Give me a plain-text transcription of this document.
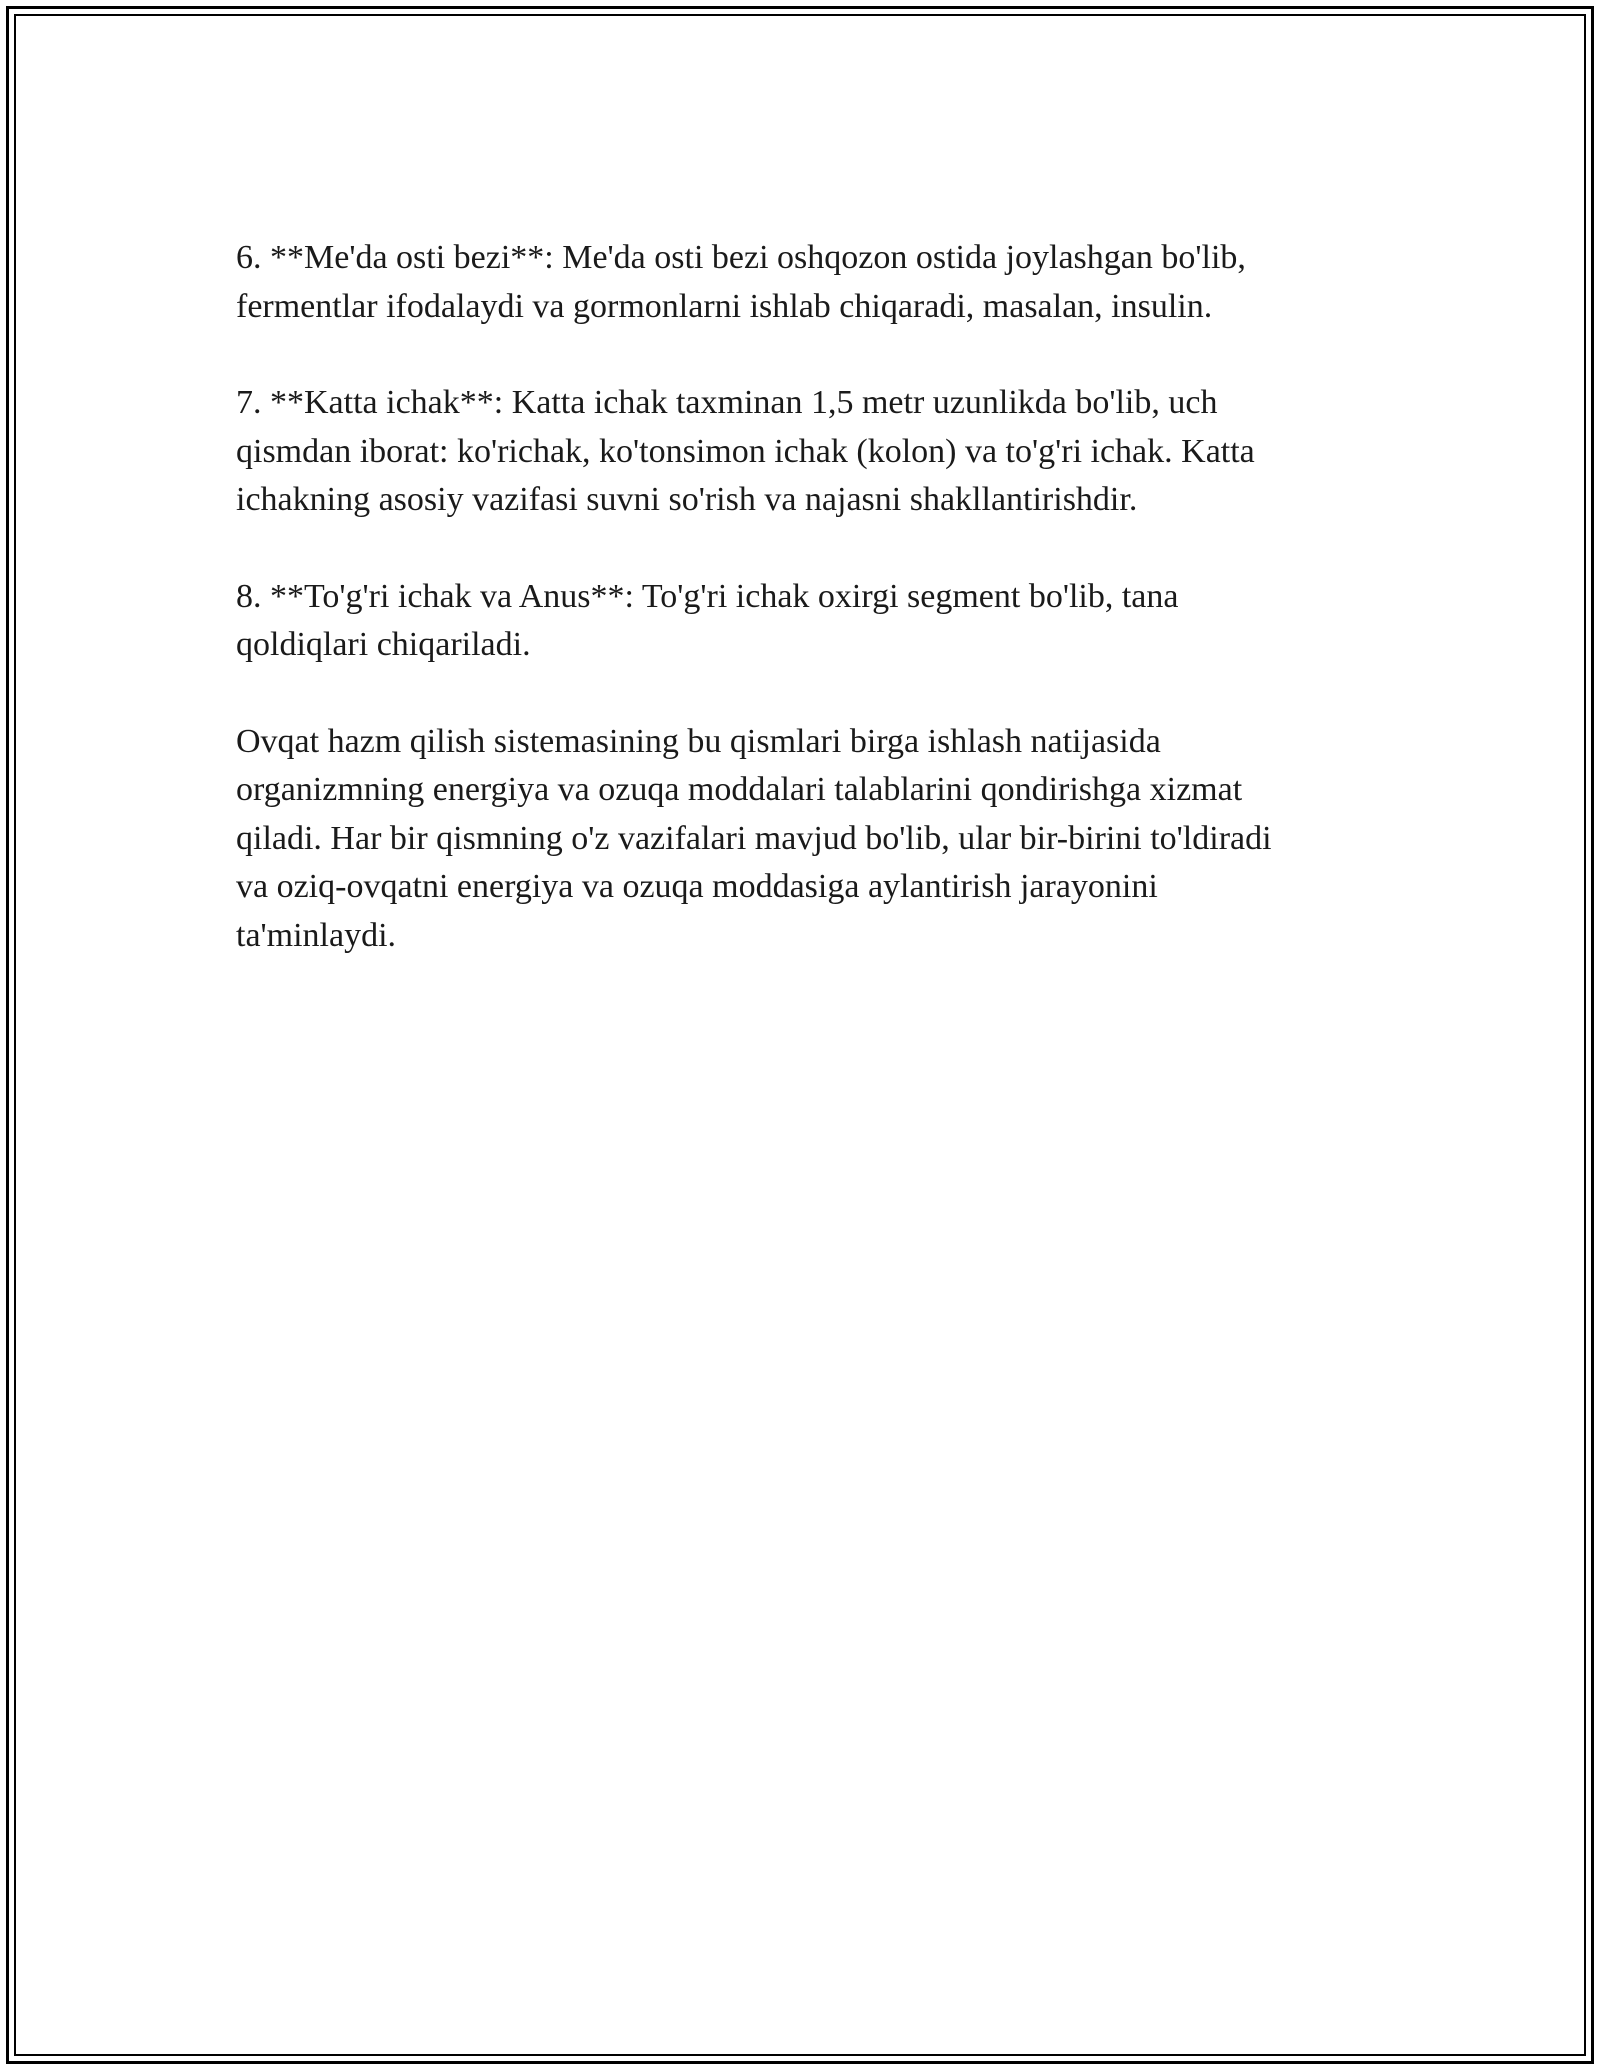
6. **Me'da osti bezi**: Me'da osti bezi oshqozon ostida joylashgan bo'lib,
fermentlar ifodalaydi va gormonlarni ishlab chiqaradi, masalan, insulin.

7. **Katta ichak**: Katta ichak taxminan 1,5 metr uzunlikda bo'lib, uch
qismdan iborat: ko'richak, ko'tonsimon ichak (kolon) va to'g'ri ichak. Katta
ichakning asosiy vazifasi suvni so'rish va najasni shakllantirishdir.

8. **To'g'ri ichak va Anus**: To'g'ri ichak oxirgi segment bo'lib, tana
qoldiqlari chiqariladi.

Ovqat hazm qilish sistemasining bu qismlari birga ishlash natijasida
organizmning energiya va ozuqa moddalari talablarini qondirishga xizmat
qiladi. Har bir qismning o'z vazifalari mavjud bo'lib, ular bir-birini to'ldiradi
va oziq-ovqatni energiya va ozuqa moddasiga aylantirish jarayonini
ta'minlaydi.
